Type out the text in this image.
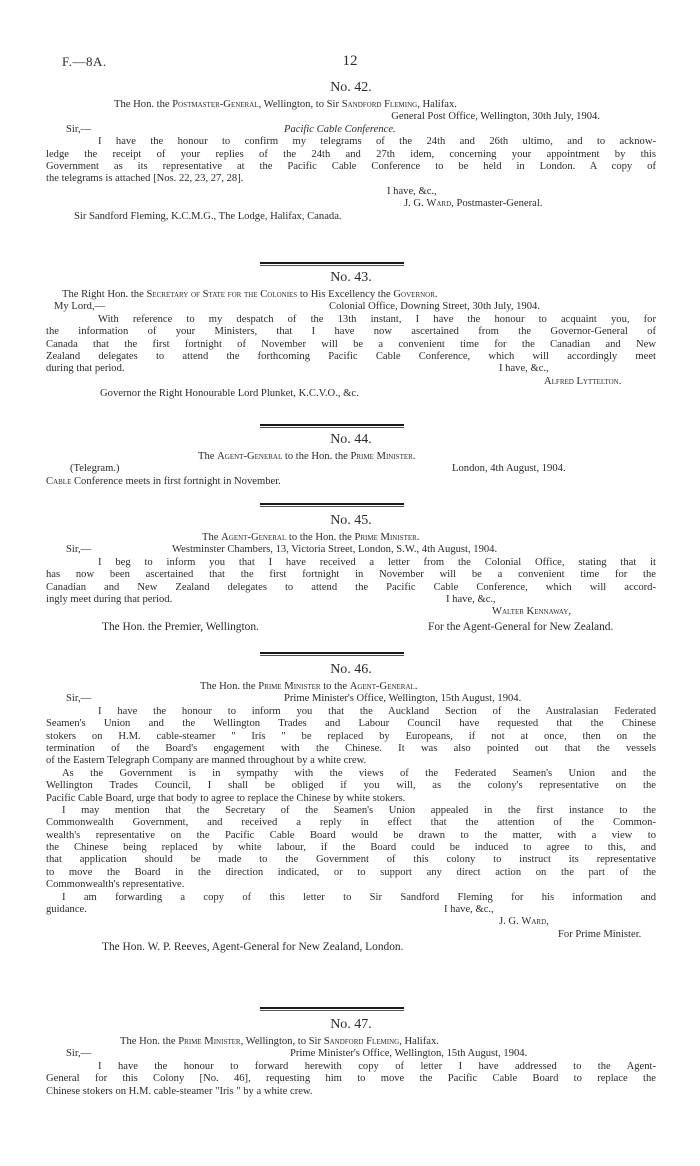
F.—8A.	12
No. 42.
The Hon. the Postmaster-General, Wellington, to Sir Sandford Fleming, Halifax.
General Post Office, Wellington, 30th July, 1904.
Sir,—	Pacific Cable Conference.
I have the honour to confirm my telegrams of the 24th and 26th ultimo, and to acknow-
ledge the receipt of your replies of the 24th and 27th idem, concerning your appointment by this
Government as its representative at the Pacific Cable Conference to be held in London. A copy of
the telegrams is attached [Nos. 22, 23, 27, 28].
I have, &c.,
J. G. Ward, Postmaster-General.
Sir Sandford Fleming, K.C.M.G., The Lodge, Halifax, Canada.
No. 43.
The Right Hon. the Secretary of State for the Colonies to His Excellency the Governor.
My Lord,—	Colonial Office, Downing Street, 30th July, 1904.
With reference to my despatch of the 13th instant, I have the honour to acquaint you, for
the information of your Ministers, that I have now ascertained from the Governor-General of
Canada that the first fortnight of November will be a convenient time for the Canadian and New
Zealand delegates to attend the forthcoming Pacific Cable Conference, which will accordingly meet
during that period.	I have, &c.,
Alfred Lyttelton.
Governor the Right Honourable Lord Plunket, K.C.V.O., &c.
No. 44.
The Agent-General to the Hon. the Prime Minister.
(Telegram.)	London, 4th August, 1904.
Cable Conference meets in first fortnight in November.
No. 45.
The Agent-General to the Hon. the Prime Minister.
Sir,—	Westminster Chambers, 13, Victoria Street, London, S.W., 4th August, 1904.
I beg to inform you that I have received a letter from the Colonial Office, stating that it
has now been ascertained that the first fortnight in November will be a convenient time for the
Canadian and New Zealand delegates to attend the Pacific Cable Conference, which will accord-
ingly meet during that period.	I have, &c.,
Walter Kennaway,
The Hon. the Premier, Wellington.	For the Agent-General for New Zealand.
No. 46.
The Hon. the Prime Minister to the Agent-General.
Sir,—	Prime Minister's Office, Wellington, 15th August, 1904.
I have the honour to inform you that the Auckland Section of the Australasian Federated
Seamen's Union and the Wellington Trades and Labour Council have requested that the Chinese
stokers on H.M. cable-steamer " Iris " be replaced by Europeans, if not at once, then on the
termination of the Board's engagement with the Chinese. It was also pointed out that the vessels
of the Eastern Telegraph Company are manned throughout by a white crew.
As the Government is in sympathy with the views of the Federated Seamen's Union and the
Wellington Trades Council, I shall be obliged if you will, as the colony's representative on the
Pacific Cable Board, urge that body to agree to replace the Chinese by white stokers.
I may mention that the Secretary of the Seamen's Union appealed in the first instance to the
Commonwealth Government, and received a reply in effect that the attention of the Common-
wealth's representative on the Pacific Cable Board would be drawn to the matter, with a view to
the Chinese being replaced by white labour, if the Board could be induced to agree to this, and
that application should be made to the Government of this colony to instruct its representative
to move the Board in the direction indicated, or to support any direct action on the part of the
Commonwealth's representative.
I am forwarding a copy of this letter to Sir Sandford Fleming for his information and
guidance.	I have, &c.,
J. G. Ward,
For Prime Minister.
The Hon. W. P. Reeves, Agent-General for New Zealand, London.
No. 47.
The Hon. the Prime Minister, Wellington, to Sir Sandford Fleming, Halifax.
Sir,—	Prime Minister's Office, Wellington, 15th August, 1904.
I have the honour to forward herewith copy of letter I have addressed to the Agent-
General for this Colony [No. 46], requesting him to move the Pacific Cable Board to replace the
Chinese stokers on H.M. cable-steamer "Iris " by a white crew.
